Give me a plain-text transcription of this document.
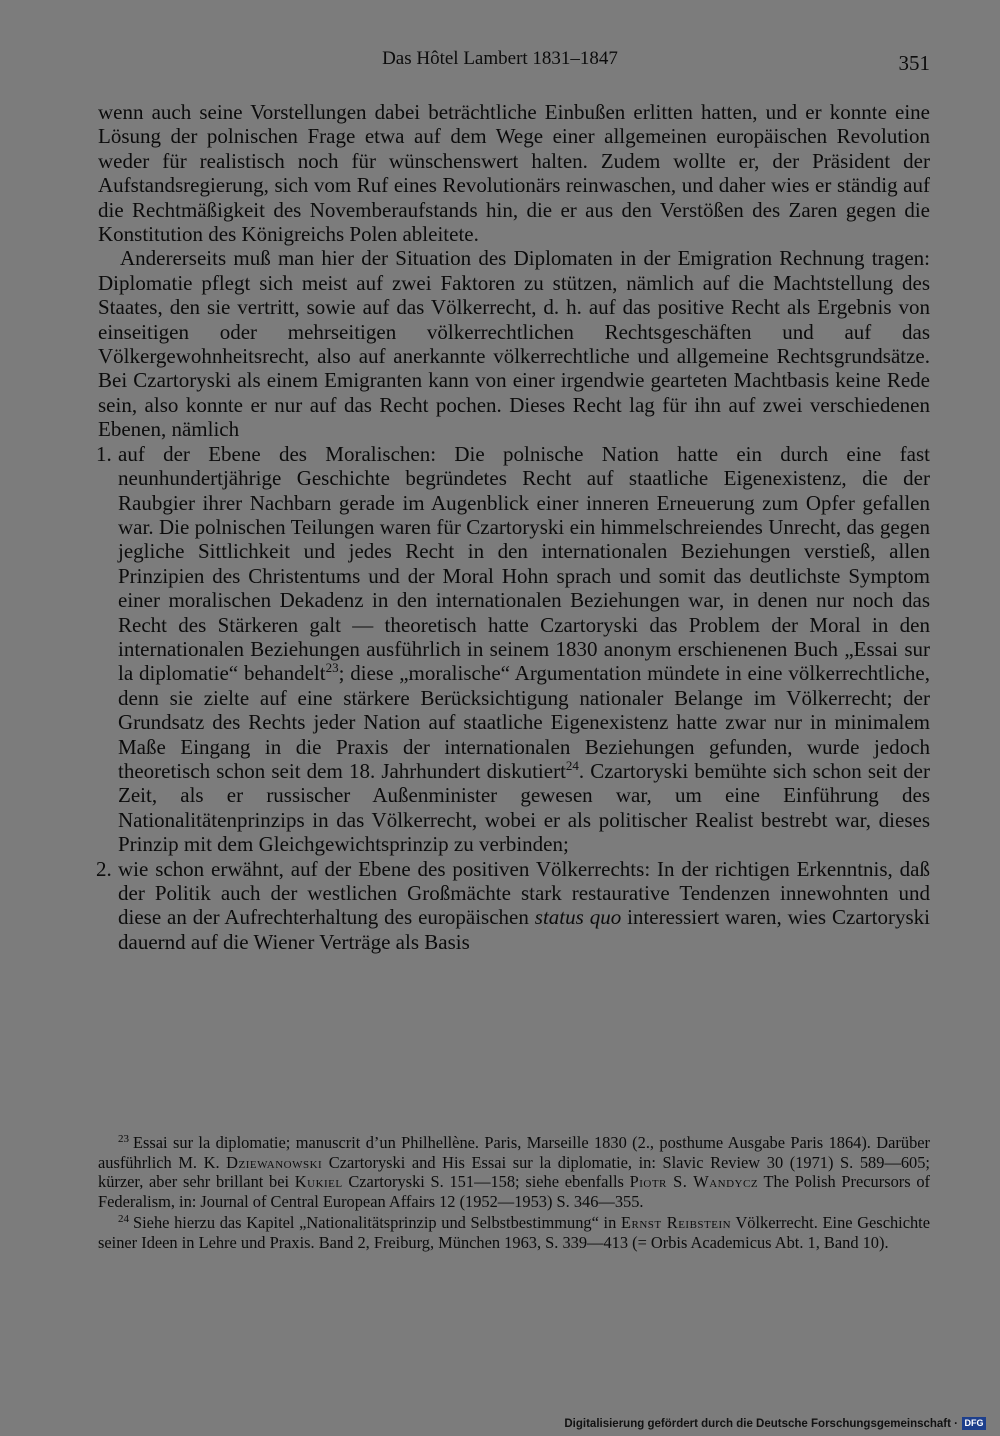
Das Hôtel Lambert 1831–1847	351

wenn auch seine Vorstellungen dabei beträchtliche Einbußen erlitten hatten, und er konnte eine Lösung der polnischen Frage etwa auf dem Wege einer allgemeinen europäischen Revolution weder für realistisch noch für wünschenswert halten. Zudem wollte er, der Präsident der Aufstandsregierung, sich vom Ruf eines Revolutionärs reinwaschen, und daher wies er ständig auf die Rechtmäßigkeit des Novemberaufstands hin, die er aus den Verstößen des Zaren gegen die Konstitution des Königreichs Polen ableitete.

Andererseits muß man hier der Situation des Diplomaten in der Emigration Rechnung tragen: Diplomatie pflegt sich meist auf zwei Faktoren zu stützen, nämlich auf die Machtstellung des Staates, den sie vertritt, sowie auf das Völkerrecht, d. h. auf das positive Recht als Ergebnis von einseitigen oder mehrseitigen völkerrechtlichen Rechtsgeschäften und auf das Völkergewohnheitsrecht, also auf anerkannte völkerrechtliche und allgemeine Rechtsgrundsätze. Bei Czartoryski als einem Emigranten kann von einer irgendwie gearteten Machtbasis keine Rede sein, also konnte er nur auf das Recht pochen. Dieses Recht lag für ihn auf zwei verschiedenen Ebenen, nämlich

1. auf der Ebene des Moralischen: Die polnische Nation hatte ein durch eine fast neunhundertjährige Geschichte begründetes Recht auf staatliche Eigenexistenz, die der Raubgier ihrer Nachbarn gerade im Augenblick einer inneren Erneuerung zum Opfer gefallen war. Die polnischen Teilungen waren für Czartoryski ein himmelschreiendes Unrecht, das gegen jegliche Sittlichkeit und jedes Recht in den internationalen Beziehungen verstieß, allen Prinzipien des Christentums und der Moral Hohn sprach und somit das deutlichste Symptom einer moralischen Dekadenz in den internationalen Beziehungen war, in denen nur noch das Recht des Stärkeren galt — theoretisch hatte Czartoryski das Problem der Moral in den internationalen Beziehungen ausführlich in seinem 1830 anonym erschienenen Buch „Essai sur la diplomatie“ behandelt$^{23}$; diese „moralische“ Argumentation mündete in eine völkerrechtliche, denn sie zielte auf eine stärkere Berücksichtigung nationaler Belange im Völkerrecht; der Grundsatz des Rechts jeder Nation auf staatliche Eigenexistenz hatte zwar nur in minimalem Maße Eingang in die Praxis der internationalen Beziehungen gefunden, wurde jedoch theoretisch schon seit dem 18. Jahrhundert diskutiert$^{24}$. Czartoryski bemühte sich schon seit der Zeit, als er russischer Außenminister gewesen war, um eine Einführung des Nationalitätenprinzips in das Völkerrecht, wobei er als politischer Realist bestrebt war, dieses Prinzip mit dem Gleichgewichtsprinzip zu verbinden;
2. wie schon erwähnt, auf der Ebene des positiven Völkerrechts: In der richtigen Erkenntnis, daß der Politik auch der westlichen Großmächte stark restaurative Tendenzen innewohnten und diese an der Aufrechterhaltung des europäischen status quo interessiert waren, wies Czartoryski dauernd auf die Wiener Verträge als Basis

$^{23}$ Essai sur la diplomatie; manuscrit d’un Philhellène. Paris, Marseille 1830 (2., posthume Ausgabe Paris 1864). Darüber ausführlich M. K. Dziewanowski Czartoryski and His Essai sur la diplomatie, in: Slavic Review 30 (1971) S. 589—605; kürzer, aber sehr brillant bei Kukiel Czartoryski S. 151—158; siehe ebenfalls Piotr S. Wandycz The Polish Precursors of Federalism, in: Journal of Central European Affairs 12 (1952—1953) S. 346—355.

$^{24}$ Siehe hierzu das Kapitel „Nationalitätsprinzip und Selbstbestimmung“ in Ernst Reibstein Völkerrecht. Eine Geschichte seiner Ideen in Lehre und Praxis. Band 2, Freiburg, München 1963, S. 339—413 (= Orbis Academicus Abt. 1, Band 10).

Digitalisierung gefördert durch die Deutsche Forschungsgemeinschaft · DFG
